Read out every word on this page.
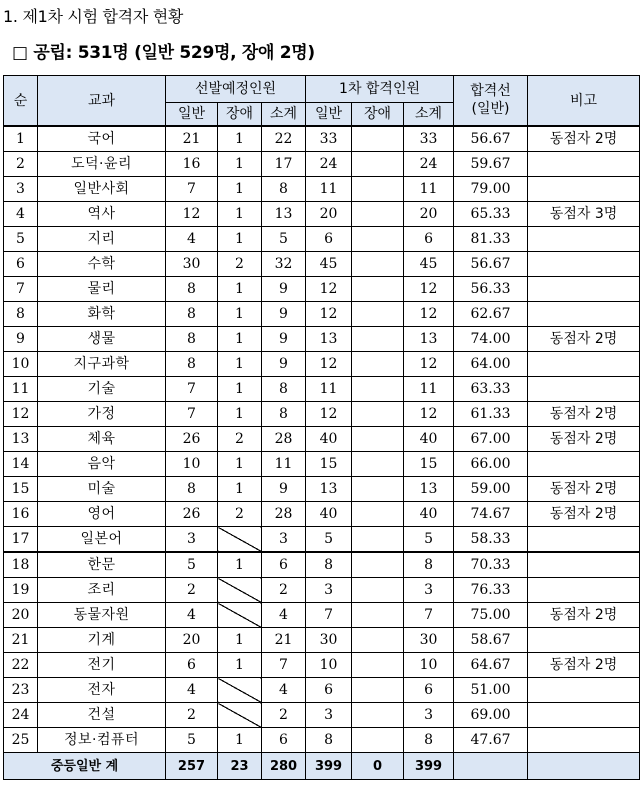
1. 제1차 시험 합격자 현황
□ 공립: 531명 (일반 529명, 장애 2명)
순	교과	선발예정인원			1차 합격인원			합격선
(일반)	비고
		일반	장애	소계	일반	장애	소계		
1	국어	21	1	22	33		33	56.67	동점자 2명
2	도덕·윤리	16	1	17	24		24	59.67	
3	일반사회	7	1	8	11		11	79.00	
4	역사	12	1	13	20		20	65.33	동점자 3명
5	지리	4	1	5	6		6	81.33	
6	수학	30	2	32	45		45	56.67	
7	물리	8	1	9	12		12	56.33	
8	화학	8	1	9	12		12	62.67	
9	생물	8	1	9	13		13	74.00	동점자 2명
10	지구과학	8	1	9	12		12	64.00	
11	기술	7	1	8	11		11	63.33	
12	가정	7	1	8	12		12	61.33	동점자 2명
13	체육	26	2	28	40		40	67.00	동점자 2명
14	음악	10	1	11	15		15	66.00	
15	미술	8	1	9	13		13	59.00	동점자 2명
16	영어	26	2	28	40		40	74.67	동점자 2명
17	일본어	3		3	5		5	58.33	
18	한문	5	1	6	8		8	70.33	
19	조리	2		2	3		3	76.33	
20	동물자원	4		4	7		7	75.00	동점자 2명
21	기계	20	1	21	30		30	58.67	
22	전기	6	1	7	10		10	64.67	동점자 2명
23	전자	4		4	6		6	51.00	
24	건설	2		2	3		3	69.00	
25	정보·컴퓨터	5	1	6	8		8	47.67	
중등일반 계		257	23	280	399	0	399		
